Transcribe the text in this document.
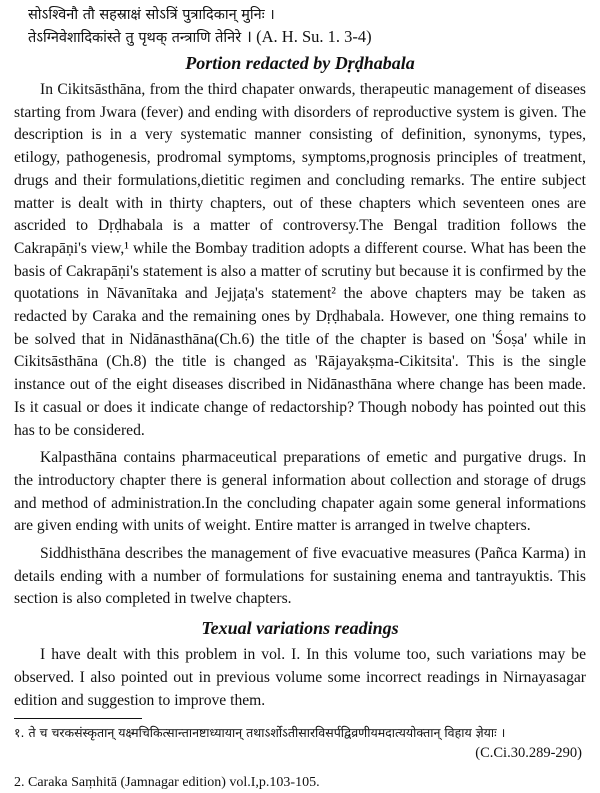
सोऽश्विनौ तौ सहस्राक्षं सोऽत्रिं पुत्रादिकान् मुनिः ।
तेऽग्निवेशादिकांस्ते तु पृथक् तन्त्राणि तेनिरे । (A. H. Su. 1. 3-4)
Portion redacted by Dṛḍhabala

In Cikitsāsthāna, from the third chapater onwards, therapeutic management of diseases starting from Jwara (fever) and ending with disorders of reproductive system is given. The description is in a very systematic manner consisting of definition, synonyms, types, etilogy, pathogenesis, prodromal symptoms, symptoms,prognosis principles of treatment, drugs and their formulations,dietitic regimen and concluding remarks. The entire subject matter is dealt with in thirty chapters, out of these chapters which seventeen ones are ascrided to Dṛḍhabala is a matter of controversy.The Bengal tradition follows the Cakrapāṇi's view,¹ while the Bombay tradition adopts a different course. What has been the basis of Cakrapāṇi's statement is also a matter of scrutiny but because it is confirmed by the quotations in Nāvanītaka and Jejjaṭa's statement² the above chapters may be taken as redacted by Caraka and the remaining ones by Dṛḍhabala. However, one thing remains to be solved that in Nidānasthāna(Ch.6) the title of the chapter is based on 'Śoṣa' while in Cikitsāsthāna (Ch.8) the title is changed as 'Rājayakṣma-Cikitsita'. This is the single instance out of the eight diseases discribed in Nidānasthāna where change has been made. Is it casual or does it indicate change of redactorship? Though nobody has pointed out this has to be considered.

Kalpasthāna contains pharmaceutical preparations of emetic and purgative drugs. In the introductory chapter there is general information about collection and storage of drugs and method of administration.In the concluding chapater again some general informations are given ending with units of weight. Entire matter is arranged in twelve chapters.

Siddhisthāna describes the management of five evacuative measures (Pañca Karma) in details ending with a number of formulations for sustaining enema and tantrayuktis. This section is also completed in twelve chapters.

Texual variations readings

I have dealt with this problem in vol. I. In this volume too, such variations may be observed. I also pointed out in previous volume some incorrect readings in Nirnayasagar edition and suggestion to improve them.

१. ते च चरकसंस्कृतान् यक्ष्मचिकित्सान्तानष्टाध्यायान् तथाऽर्शोऽतीसारविसर्पद्विव्रणीयमदात्ययोक्तान् विहाय ज्ञेयाः ।

(C.Ci.30.289-290)

2. Caraka Saṃhitā (Jamnagar edition) vol.I,p.103-105.
